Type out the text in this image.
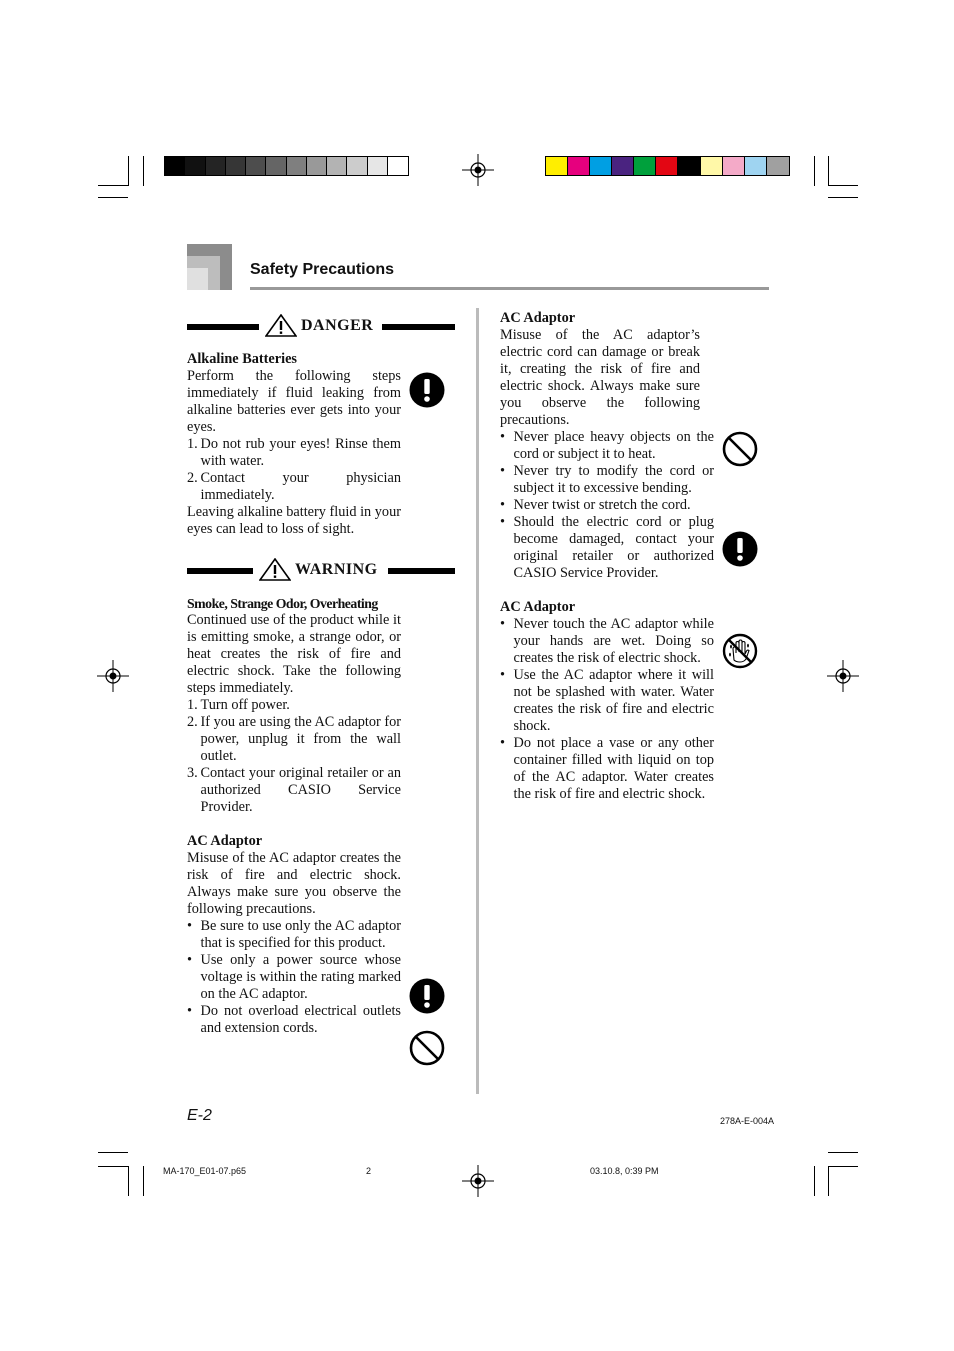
Safety Precautions
DANGER
WARNING

Alkaline Batteries

Perform the following steps immediately if fluid leaking from alkaline batteries ever gets into your eyes.

1. Do not rub your eyes! Rinse them with water.

2. Contact your physician immediately.

Leaving alkaline battery fluid in your eyes can lead to loss of sight.

Smoke, Strange Odor, Overheating

Continued use of the product while it is emitting smoke, a strange odor, or heat creates the risk of fire and electric shock. Take the following steps immediately.

1. Turn off power.

2. If you are using the AC adaptor for power, unplug it from the wall outlet.

3. Contact your original retailer or an authorized CASIO Service Provider.

AC Adaptor

Misuse of the AC adaptor creates the risk of fire and electric shock. Always make sure you observe the following precautions.

• Be sure to use only the AC adaptor that is specified for this product.

• Use only a power source whose voltage is within the rating marked on the AC adaptor.

• Do not overload electrical outlets and extension cords.

AC Adaptor

Misuse of the AC adaptor’s electric cord can damage or break it, creating the risk of fire and electric shock. Always make sure you observe the following precautions.

• Never place heavy objects on the cord or subject it to heat.

• Never try to modify the cord or subject it to excessive bending.

• Never twist or stretch the cord.

• Should the electric cord or plug become damaged, contact your original retailer or authorized CASIO Service Provider.

AC Adaptor

• Never touch the AC adaptor while your hands are wet. Doing so creates the risk of electric shock.

• Use the AC adaptor where it will not be splashed with water. Water creates the risk of fire and electric shock.

• Do not place a vase or any other container filled with liquid on top of the AC adaptor. Water creates the risk of fire and electric shock.

E-2	278A-E-004A
MA-170_E01-07.p65	2	03.10.8, 0:39 PM
